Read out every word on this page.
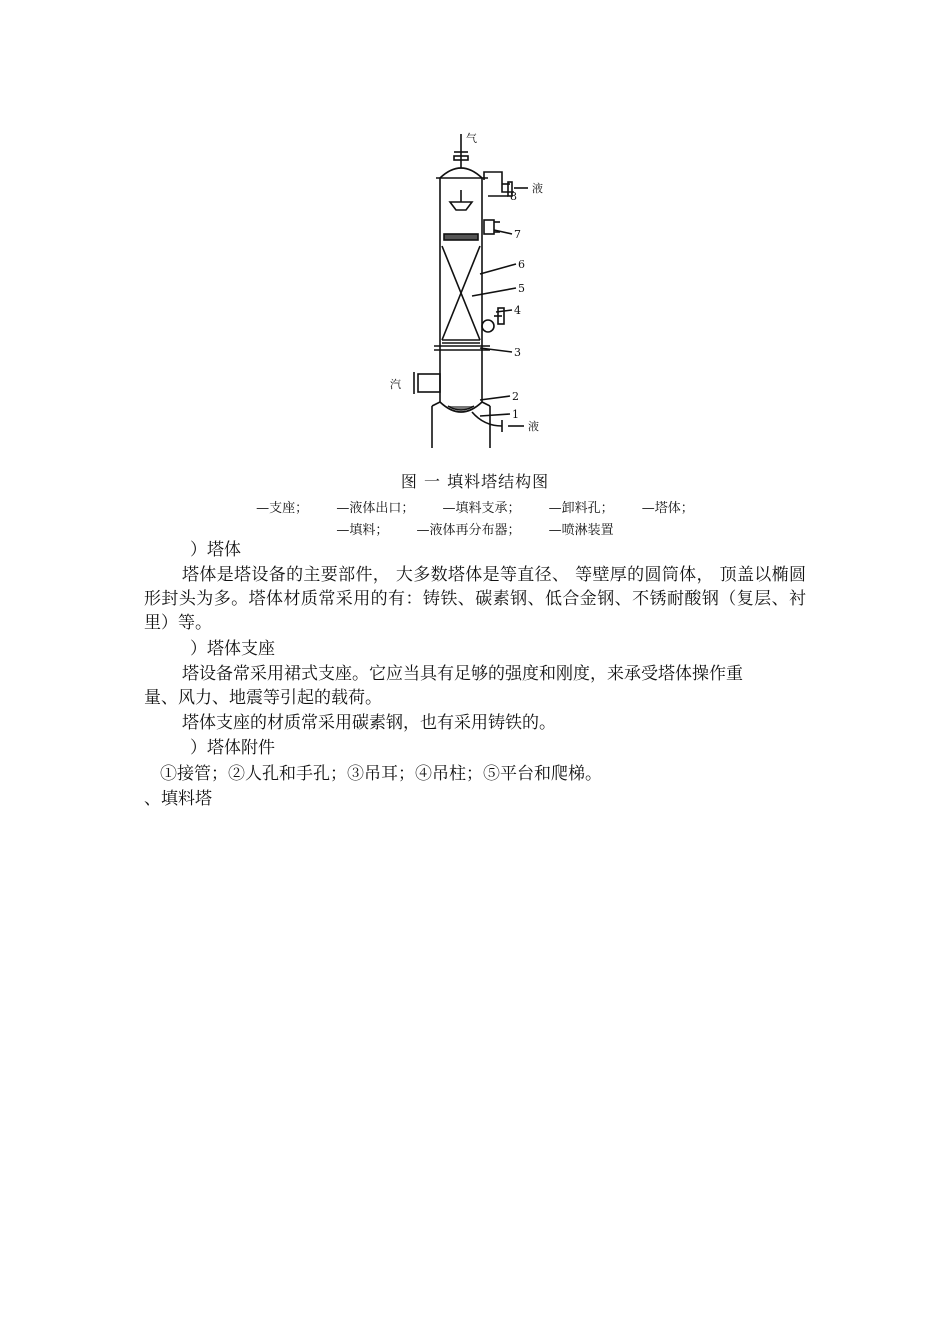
气
液
8
7
6
5
4
3
汽
2
1
液
图 一 填料塔结构图
—支座； —液体出口； —填料支承； —卸料孔； —塔体；
—填料； —液体再分布器； —喷淋装置
）塔体
塔体是塔设备的主要部件， 大多数塔体是等直径、 等壁厚的圆筒体， 顶盖以椭圆形封头为多。塔体材质常采用的有：铸铁、碳素钢、低合金钢、不锈耐酸钢（复层、衬里）等。
）塔体支座
塔设备常采用裙式支座。它应当具有足够的强度和刚度，来承受塔体操作重
量、风力、地震等引起的载荷。
塔体支座的材质常采用碳素钢，也有采用铸铁的。
）塔体附件
①接管；②人孔和手孔；③吊耳；④吊柱；⑤平台和爬梯。
、填料塔
